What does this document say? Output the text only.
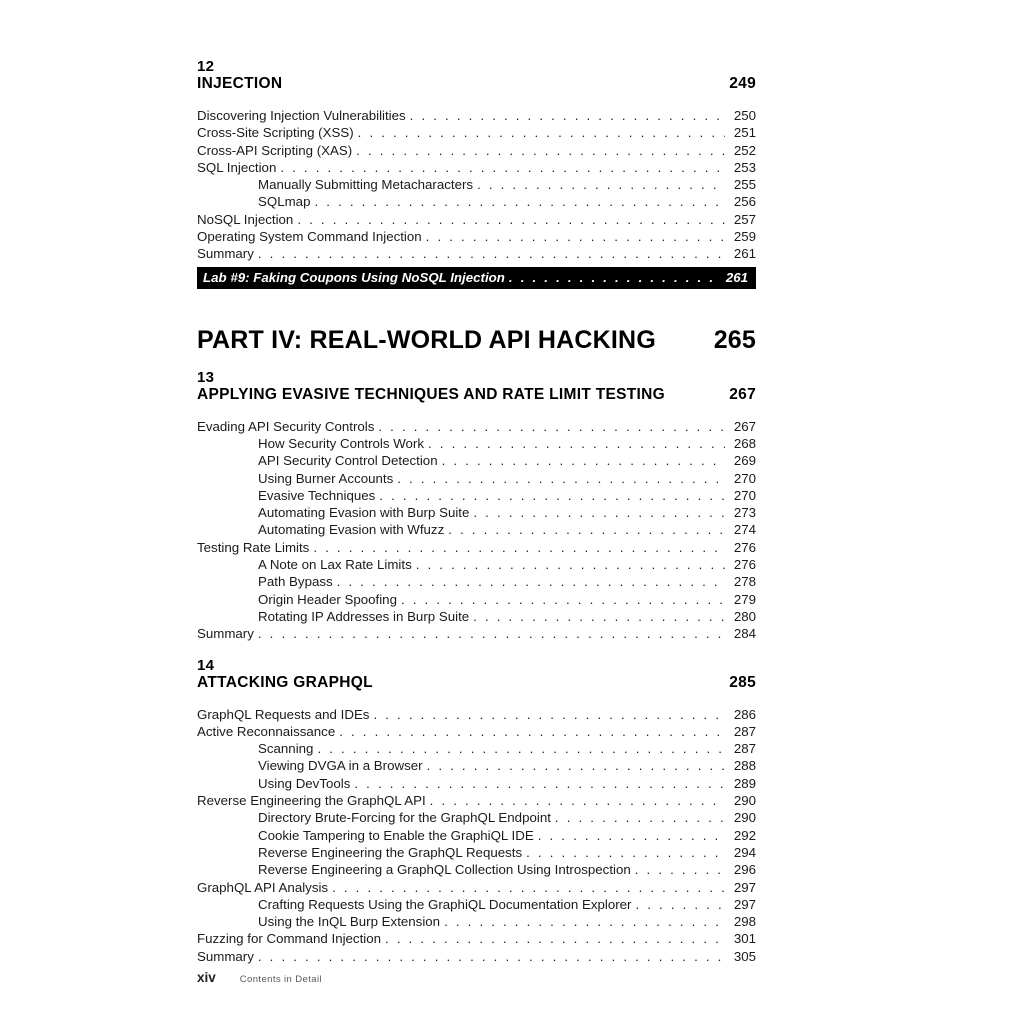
12
INJECTION	249
Discovering Injection Vulnerabilities . . .	250
Cross-Site Scripting (XSS) . . .	251
Cross-API Scripting (XAS) . . .	252
SQL Injection . . .	253
Manually Submitting Metacharacters . . .	255
SQLmap . . .	256
NoSQL Injection . . .	257
Operating System Command Injection . . .	259
Summary . . .	261
Lab #9: Faking Coupons Using NoSQL Injection . . .	261
PART IV: REAL-WORLD API HACKING 265
13
APPLYING EVASIVE TECHNIQUES AND RATE LIMIT TESTING	267
Evading API Security Controls . . .	267
How Security Controls Work . . .	268
API Security Control Detection . . .	269
Using Burner Accounts . . .	270
Evasive Techniques . . .	270
Automating Evasion with Burp Suite . . .	273
Automating Evasion with Wfuzz . . .	274
Testing Rate Limits . . .	276
A Note on Lax Rate Limits . . .	276
Path Bypass . . .	278
Origin Header Spoofing . . .	279
Rotating IP Addresses in Burp Suite . . .	280
Summary . . .	284
14
ATTACKING GRAPHQL	285
GraphQL Requests and IDEs . . .	286
Active Reconnaissance . . .	287
Scanning . . .	287
Viewing DVGA in a Browser . . .	288
Using DevTools . . .	289
Reverse Engineering the GraphQL API . . .	290
Directory Brute-Forcing for the GraphQL Endpoint . . .	290
Cookie Tampering to Enable the GraphiQL IDE . . .	292
Reverse Engineering the GraphQL Requests . . .	294
Reverse Engineering a GraphQL Collection Using Introspection . . .	296
GraphQL API Analysis . . .	297
Crafting Requests Using the GraphiQL Documentation Explorer . . .	297
Using the InQL Burp Extension . . .	298
Fuzzing for Command Injection . . .	301
Summary . . .	305
xiv	Contents in Detail
